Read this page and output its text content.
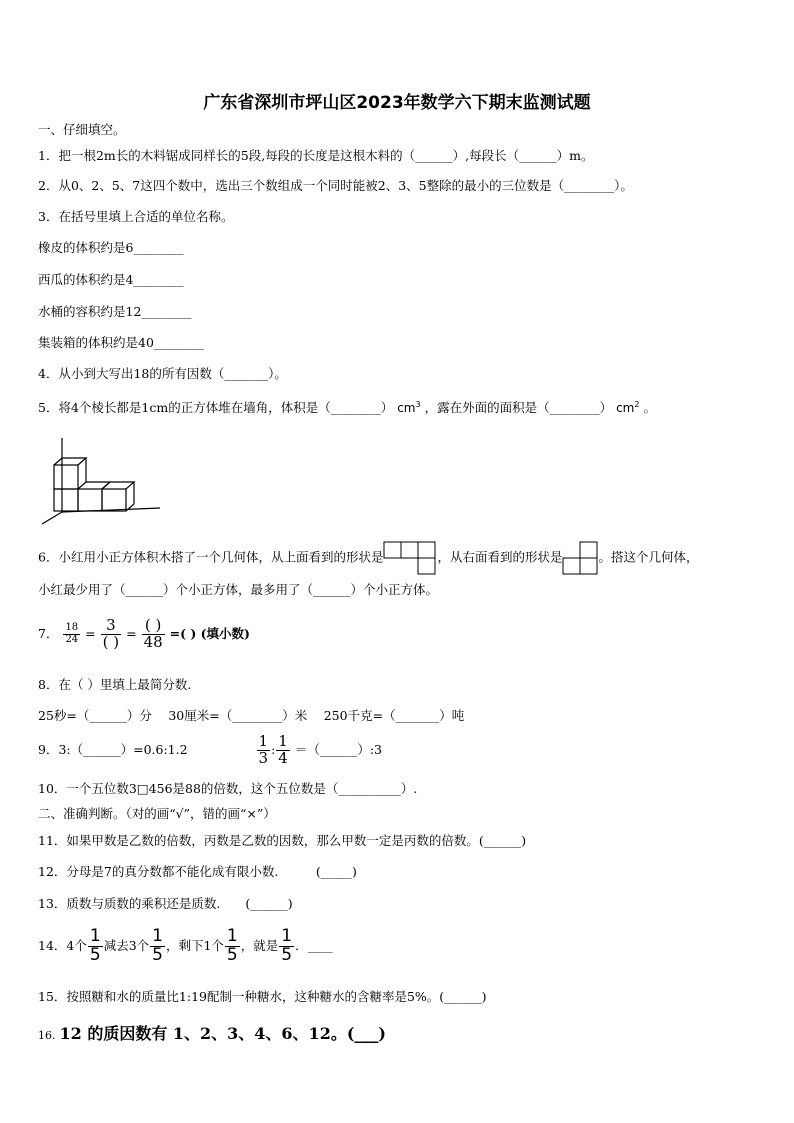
广东省深圳市坪山区2023年数学六下期末监测试题
一、仔细填空。
1．把一根2m长的木料锯成同样长的5段,每段的长度是这根木料的（______）,每段长（______）m。
2．从0、2、5、7这四个数中，选出三个数组成一个同时能被2、3、5整除的最小的三位数是（________）。
3．在括号里填上合适的单位名称。
橡皮的体积约是6________
西瓜的体积约是4________
水桶的容积约是12________
集装箱的体积约是40________
4．从小到大写出18的所有因数（_______）。
5．将4个棱长都是1cm的正方体堆在墙角，体积是（________） $cm^3$ ，露在外面的面积是（________） $cm^2$ 。
6．小红用小正方体积木搭了一个几何体，从上面看到的形状是	，从右面看到的形状是	。搭这个几何体，
小红最少用了（______）个小正方体，最多用了（______）个小正方体。
7． $\frac{18}{24} = \frac{3}{( )} = \frac{( )}{48}$ =( ) (填小数)
8．在（ ）里填上最简分数.
25秒=（______）分　 30厘米=（________）米　 250千克=（_______）吨
9．3:（______）=0.6:1.2	$\frac{1}{3}$ : $\frac{1}{4}$ ＝（______）:3
10．一个五位数3□456是88的倍数，这个五位数是（__________）.
二、准确判断。（对的画“√”，错的画“×”）
11．如果甲数是乙数的倍数，丙数是乙数的因数，那么甲数一定是丙数的倍数。(______)
12．分母是7的真分数都不能化成有限小数.　　　(_____)
13．质数与质数的乘积还是质数.　　(______)
14．4个 $\frac{1}{5}$ 减去3个 $\frac{1}{5}$ ，剩下1个 $\frac{1}{5}$ ，就是 $\frac{1}{5}$ ．____
15．按照糖和水的质量比1:19配制一种糖水，这种糖水的含糖率是5%。(______)
16. 12 的质因数有 1、2、3、4、6、12。(___)
